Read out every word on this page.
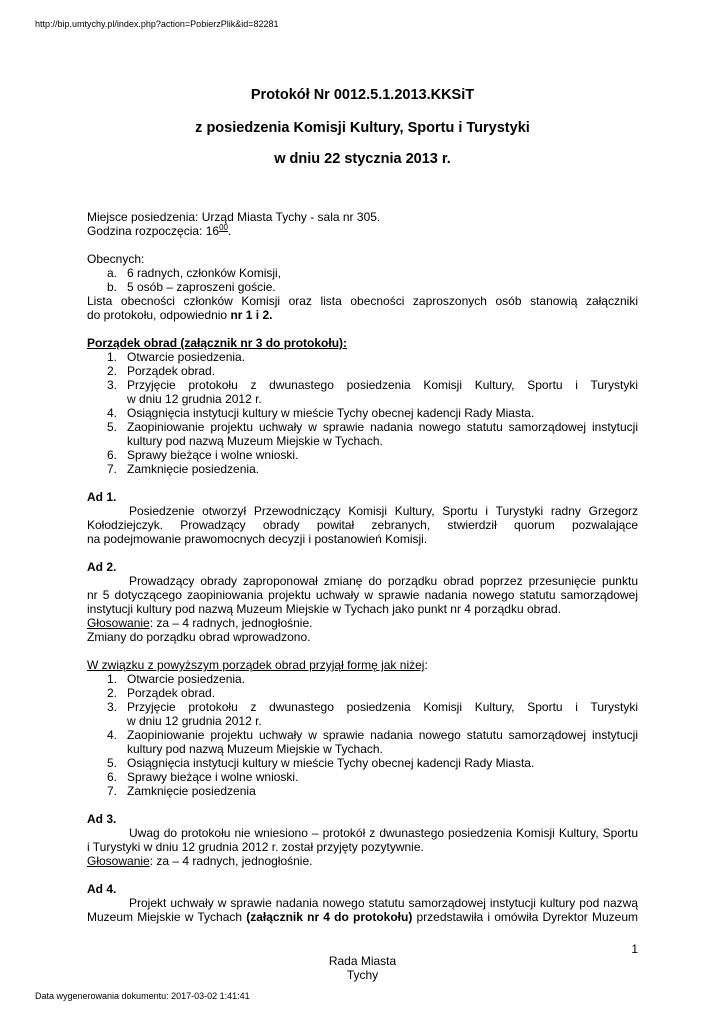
http://bip.umtychy.pl/index.php?action=PobierzPlik&id=82281
Protokół Nr 0012.5.1.2013.KKSiT
z posiedzenia Komisji Kultury, Sportu i Turystyki
w dniu 22 stycznia 2013 r.
Miejsce posiedzenia: Urząd Miasta Tychy - sala nr 305.
Godzina rozpoczęcia: $16^{00}$.
Obecnych:
a. 6 radnych, członków Komisji,
b. 5 osób – zaproszeni goście.
Lista obecności członków Komisji oraz lista obecności zaproszonych osób stanowią załączniki
do protokołu, odpowiednio nr 1 i 2.
Porządek obrad (załącznik nr 3 do protokołu):
1. Otwarcie posiedzenia.
2. Porządek obrad.
3. Przyjęcie protokołu z dwunastego posiedzenia Komisji Kultury, Sportu i Turystyki
w dniu 12 grudnia 2012 r.
4. Osiągnięcia instytucji kultury w mieście Tychy obecnej kadencji Rady Miasta.
5. Zaopiniowanie projektu uchwały w sprawie nadania nowego statutu samorządowej instytucji
kultury pod nazwą Muzeum Miejskie w Tychach.
6. Sprawy bieżące i wolne wnioski.
7. Zamknięcie posiedzenia.
Ad 1.
Posiedzenie otworzył Przewodniczący Komisji Kultury, Sportu i Turystyki radny Grzegorz
Kołodziejczyk. Prowadzący obrady powitał zebranych, stwierdził quorum pozwalające
na podejmowanie prawomocnych decyzji i postanowień Komisji.
Ad 2.
Prowadzący obrady zaproponował zmianę do porządku obrad poprzez przesunięcie punktu
nr 5 dotyczącego zaopiniowania projektu uchwały w sprawie nadania nowego statutu samorządowej
instytucji kultury pod nazwą Muzeum Miejskie w Tychach jako punkt nr 4 porządku obrad.
Głosowanie: za – 4 radnych, jednogłośnie.
Zmiany do porządku obrad wprowadzono.
W związku z powyższym porządek obrad przyjął formę jak niżej:
1. Otwarcie posiedzenia.
2. Porządek obrad.
3. Przyjęcie protokołu z dwunastego posiedzenia Komisji Kultury, Sportu i Turystyki
w dniu 12 grudnia 2012 r.
4. Zaopiniowanie projektu uchwały w sprawie nadania nowego statutu samorządowej instytucji
kultury pod nazwą Muzeum Miejskie w Tychach.
5. Osiągnięcia instytucji kultury w mieście Tychy obecnej kadencji Rady Miasta.
6. Sprawy bieżące i wolne wnioski.
7. Zamknięcie posiedzenia
Ad 3.
Uwag do protokołu nie wniesiono – protokół z dwunastego posiedzenia Komisji Kultury, Sportu
i Turystyki w dniu 12 grudnia 2012 r. został przyjęty pozytywnie.
Głosowanie: za – 4 radnych, jednogłośnie.
Ad 4.
Projekt uchwały w sprawie nadania nowego statutu samorządowej instytucji kultury pod nazwą
Muzeum Miejskie w Tychach (załącznik nr 4 do protokołu) przedstawiła i omówiła Dyrektor Muzeum
1
Rada Miasta
Tychy
Data wygenerowania dokumentu: 2017-03-02 1:41:41
